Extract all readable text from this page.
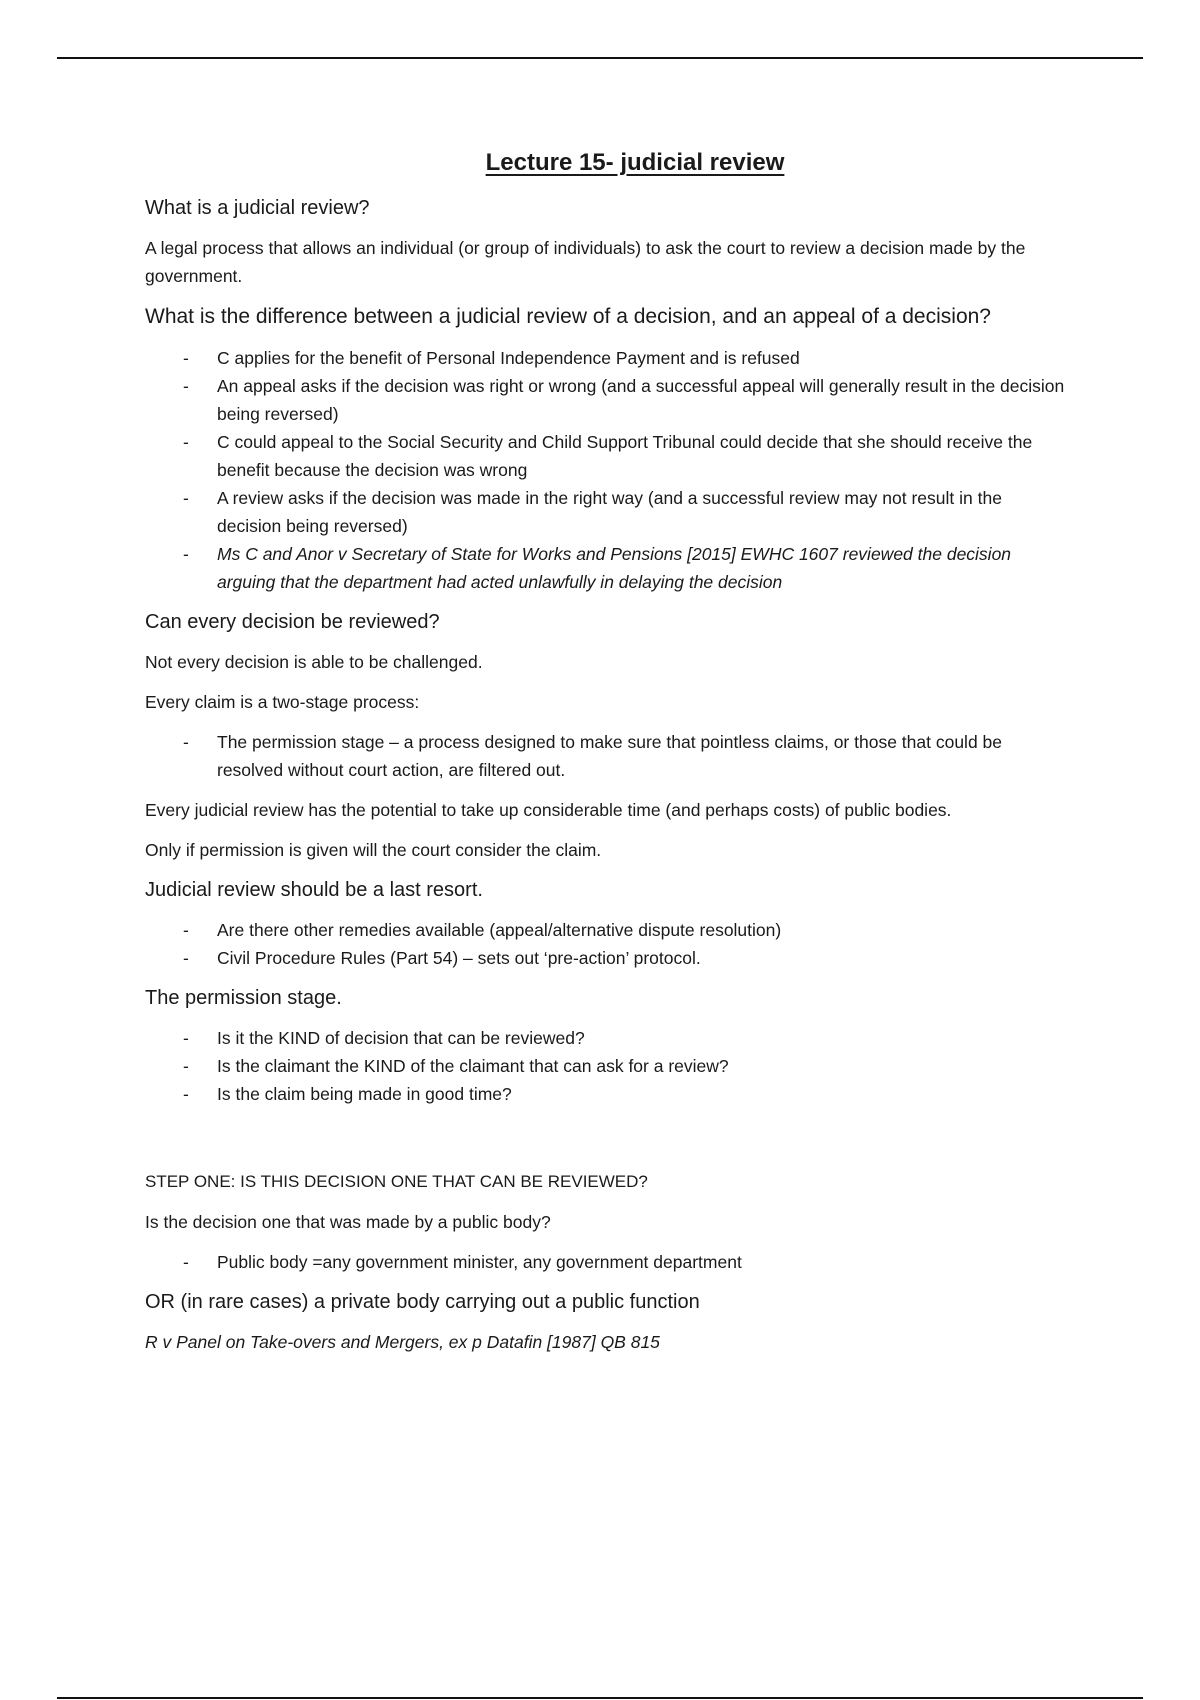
Lecture 15- judicial review
What is a judicial review?
A legal process that allows an individual (or group of individuals) to ask the court to review a decision made by the government.
What is the difference between a judicial review of a decision, and an appeal of a decision?
- C applies for the benefit of Personal Independence Payment and is refused
- An appeal asks if the decision was right or wrong (and a successful appeal will generally result in the decision being reversed)
- C could appeal to the Social Security and Child Support Tribunal could decide that she should receive the benefit because the decision was wrong
- A review asks if the decision was made in the right way (and a successful review may not result in the decision being reversed)
- Ms C and Anor v Secretary of State for Works and Pensions [2015] EWHC 1607 reviewed the decision arguing that the department had acted unlawfully in delaying the decision
Can every decision be reviewed?
Not every decision is able to be challenged.
Every claim is a two-stage process:
- The permission stage – a process designed to make sure that pointless claims, or those that could be resolved without court action, are filtered out.
Every judicial review has the potential to take up considerable time (and perhaps costs) of public bodies.
Only if permission is given will the court consider the claim.
Judicial review should be a last resort.
- Are there other remedies available (appeal/alternative dispute resolution)
- Civil Procedure Rules (Part 54) – sets out ‘pre-action’ protocol.
The permission stage.
- Is it the KIND of decision that can be reviewed?
- Is the claimant the KIND of the claimant that can ask for a review?
- Is the claim being made in good time?
STEP ONE: IS THIS DECISION ONE THAT CAN BE REVIEWED?
Is the decision one that was made by a public body?
- Public body =any government minister, any government department
OR (in rare cases) a private body carrying out a public function
R v Panel on Take-overs and Mergers, ex p Datafin [1987] QB 815
